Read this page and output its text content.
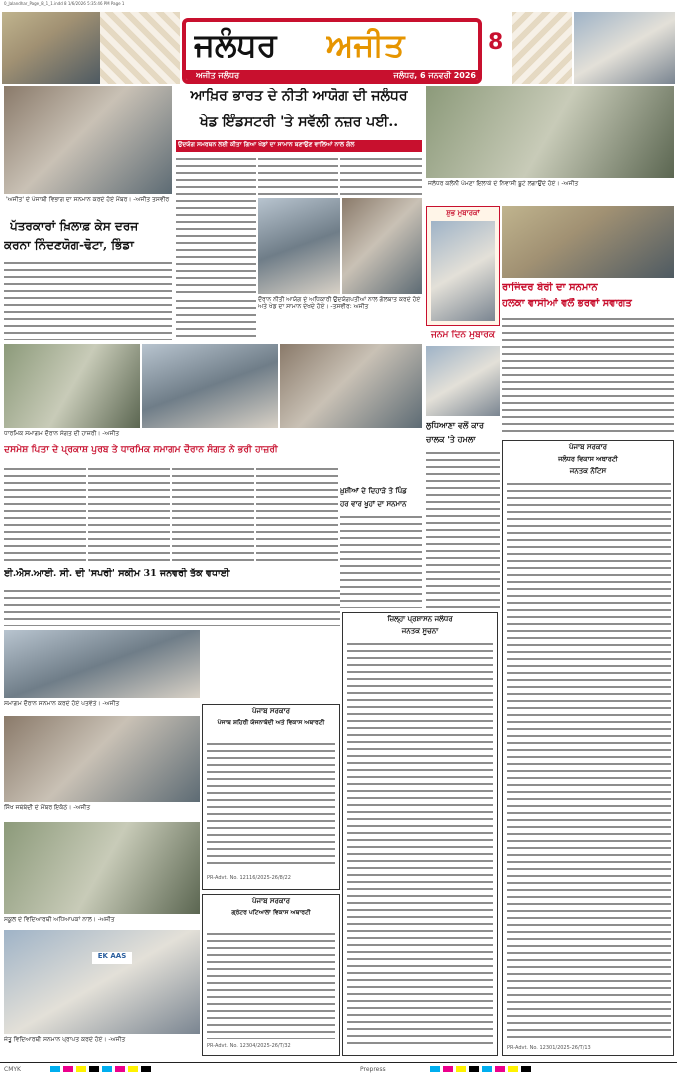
0_Jalandhar_Page_8_1_1.indd 8 1/6/2026 5:35:46 PM Page 1
ਜਲੰਧਰ	ਅਜੀਤ
ਅਜੀਤ ਜਲੰਧਰ	ਜਲੰਧਰ, 6 ਜਨਵਰੀ 2026
8
'ਅਜੀਤ' ਦੇ ਪੰਜਾਬੀ ਵਿਭਾਗ ਦਾ ਸਨਮਾਨ ਕਰਦੇ ਹੋਏ ਮੈਂਬਰ। -ਅਜੀਤ ਤਸਵੀਰ
ਪੱਤਰਕਾਰਾਂ ਖ਼ਿਲਾਫ਼ ਕੇਸ ਦਰਜ
ਕਰਨਾ ਨਿੰਦਣਯੋਗ-ਢੋਟਾ, ਭਿੰਡਾ
ਆਖ਼ਿਰ ਭਾਰਤ ਦੇ ਨੀਤੀ ਆਯੋਗ ਦੀ ਜਲੰਧਰ
ਖੇਡ ਇੰਡਸਟਰੀ 'ਤੇ ਸਵੱਲੀ ਨਜ਼ਰ ਪਈ..
ਉਦਯੋਗ ਸਮਰਥਨ ਲਈ ਕੀਤਾ ਗਿਆ ਖੇਡਾਂ ਦਾ ਸਾਮਾਨ ਬਣਾਉਣ ਵਾਲਿਆਂ ਨਾਲ ਗੱਲ
ਦੌਰਾਨ ਨੀਤੀ ਆਯੋਗ ਦੇ ਅਧਿਕਾਰੀ ਉਦਯੋਗਪਤੀਆਂ ਨਾਲ ਗੱਲਬਾਤ ਕਰਦੇ ਹੋਏ ਅਤੇ ਖੇਡ ਦਾ ਸਾਮਾਨ ਦੇਖਦੇ ਹੋਏ। -ਤਸਵੀਰ: ਅਜੀਤ
ਜਲੰਧਰ ਕਲੋਨੀ ਪੰਮਣਾ ਇਲਾਕੇ ਦੇ ਨਿਵਾਸੀ ਬੂਟੇ ਲਗਾਉਂਦੇ ਹੋਏ। -ਅਜੀਤ
ਸ਼ੁਭ ਮੁਬਾਰਕਾਂ
ਰਾਜਿੰਦਰ ਬੇਰੀ ਦਾ ਸਨਮਾਨ
ਹਲਕਾ ਵਾਸੀਆਂ ਵਲੋਂ ਭਰਵਾਂ ਸਵਾਗਤ
ਜਨਮ ਦਿਨ ਮੁਬਾਰਕ
ਧਾਰਮਿਕ ਸਮਾਗਮ ਦੌਰਾਨ ਸੰਗਤ ਦੀ ਹਾਜ਼ਰੀ। -ਅਜੀਤ
ਦਸਮੇਸ਼ ਪਿਤਾ ਦੇ ਪ੍ਰਕਾਸ਼ ਪੁਰਬ ਤੇ ਧਾਰਮਿਕ ਸਮਾਗਮ ਦੌਰਾਨ ਸੰਗਤ ਨੇ ਭਰੀ ਹਾਜ਼ਰੀ
ਖ਼ੁਸ਼ੀਆਂ ਦੇ ਦਿਹਾੜੇ ਤੇ ਪਿੰਡ
ਹਰ ਵਾਰ ਖੂਹਾਂ ਦਾ ਸਨਮਾਨ
ਲੁਧਿਆਣਾ ਵਲੋਂ ਕਾਰ
ਚਾਲਕ 'ਤੇ ਹਮਲਾ
ਈ.ਐਸ.ਆਈ. ਸੀ. ਦੀ 'ਸਪਰੀ' ਸਕੀਮ 31 ਜਨਵਰੀ ਤੱਕ ਵਧਾਈ
ਸਮਾਗਮ ਦੌਰਾਨ ਸਨਮਾਨ ਕਰਦੇ ਹੋਏ ਪਤਵੰਤੇ। -ਅਜੀਤ
ਸਿੱਖ ਜਥੇਬੰਦੀ ਦੇ ਮੈਂਬਰ ਇਕੱਠੇ। -ਅਜੀਤ
ਸਕੂਲ ਦੇ ਵਿਦਿਆਰਥੀ ਅਧਿਆਪਕਾਂ ਨਾਲ। -ਅਜੀਤ
EK AAS
ਜੇਤੂ ਵਿਦਿਆਰਥੀ ਸਨਮਾਨ ਪ੍ਰਾਪਤ ਕਰਦੇ ਹੋਏ। -ਅਜੀਤ
ਪੰਜਾਬ ਸਰਕਾਰ
ਪੰਜਾਬ ਸ਼ਹਿਰੀ ਯੋਜਨਾਬੰਦੀ ਅਤੇ ਵਿਕਾਸ ਅਥਾਰਟੀ
PR-Advt. No. 12116/2025-26/8/22
ਪੰਜਾਬ ਸਰਕਾਰ
ਗ੍ਰੇਟਰ ਪਟਿਆਲਾ ਵਿਕਾਸ ਅਥਾਰਟੀ
PR-Advt. No. 12304/2025-26/T/32
ਜ਼ਿਲ੍ਹਾ ਪ੍ਰਸ਼ਾਸਨ ਜਲੰਧਰ
ਜਨਤਕ ਸੂਚਨਾ
ਪੰਜਾਬ ਸਰਕਾਰ
ਜਲੰਧਰ ਵਿਕਾਸ ਅਥਾਰਟੀ
ਜਨਤਕ ਨੋਟਿਸ
PR-Advt. No. 12301/2025-26/T/13
CMYK	Prepress
